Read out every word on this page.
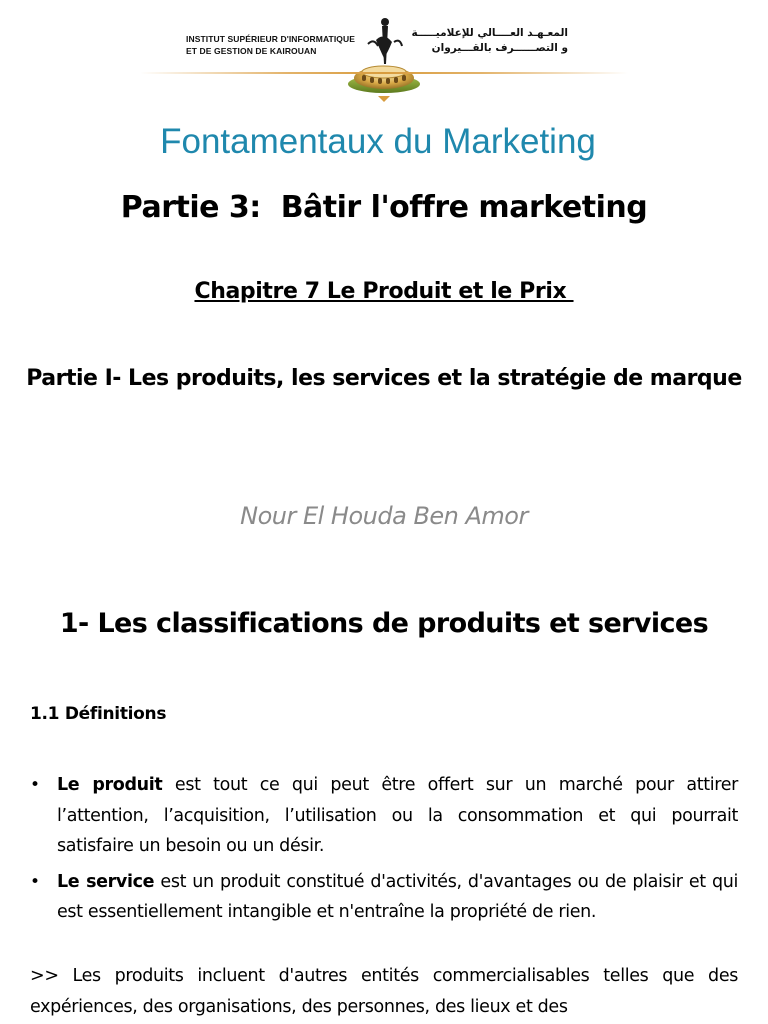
INSTITUT SUPÉRIEUR D'INFORMATIQUE
ET DE GESTION DE KAIROUAN
المعـهـد العــــالي للإعلاميـــــة
و التصــــــرف بالقـــيروان
Fontamentaux du Marketing
Partie 3:  Bâtir l'offre marketing
Chapitre 7 Le Produit et le Prix
Partie I- Les produits, les services et la stratégie de marque
Nour El Houda Ben Amor
1- Les classifications de produits et services
1.1 Définitions
• Le produit est tout ce qui peut être offert sur un marché pour attirer l’attention, l’acquisition, l’utilisation ou la consommation et qui pourrait satisfaire un besoin ou un désir.
• Le service est un produit constitué d'activités, d'avantages ou de plaisir et qui est essentiellement intangible et n'entraîne la propriété de rien.
>> Les produits incluent d'autres entités commercialisables telles que des expériences, des organisations, des personnes, des lieux et des
